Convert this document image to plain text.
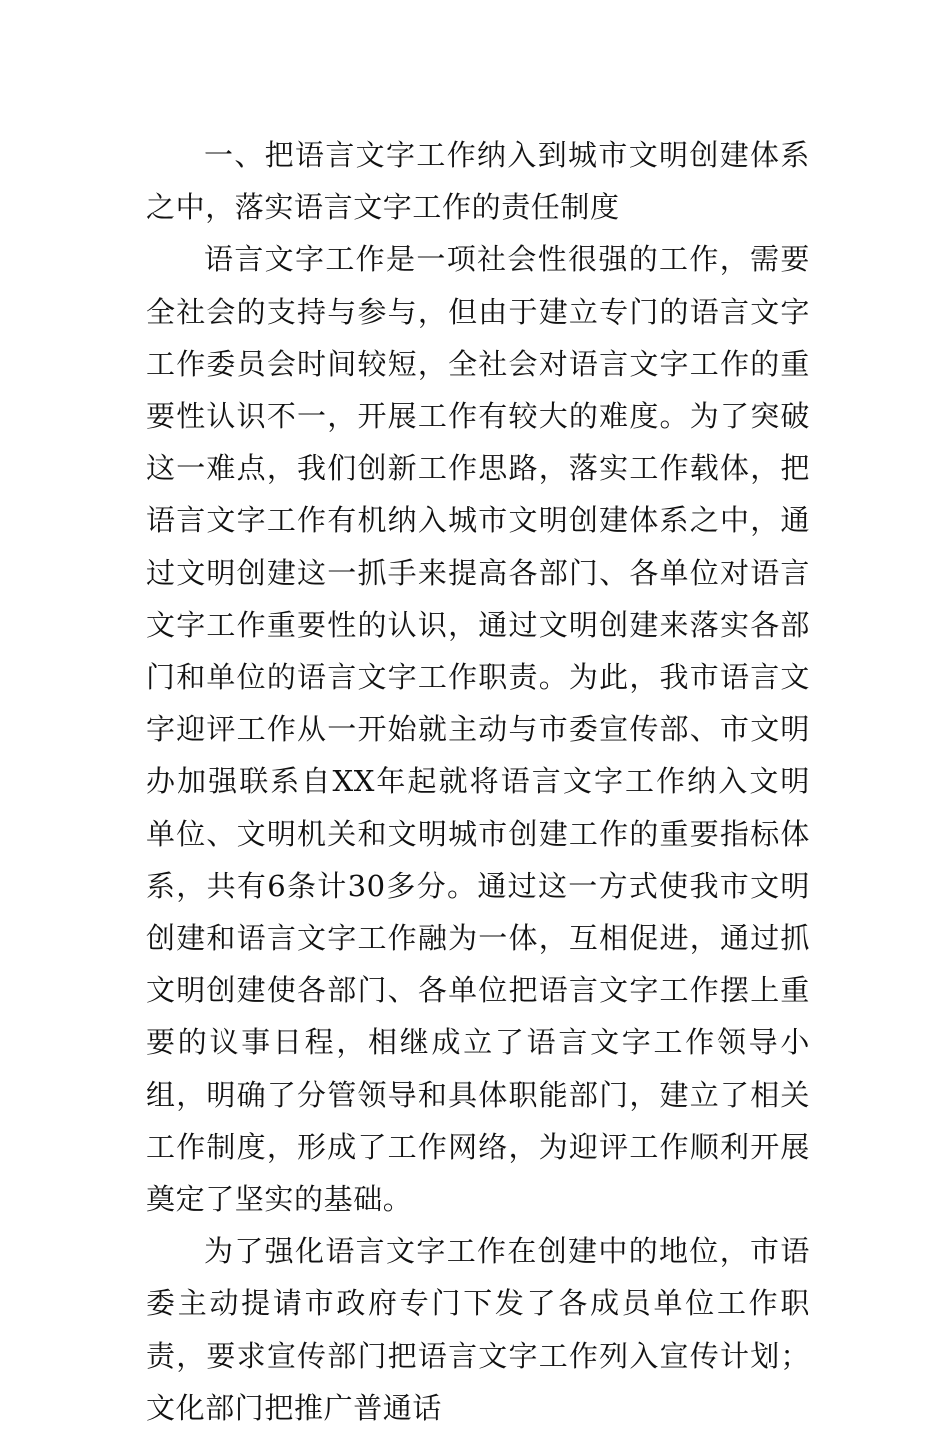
一、把语言文字工作纳入到城市文明创建体系之中，落实语言文字工作的责任制度

语言文字工作是一项社会性很强的工作，需要全社会的支持与参与，但由于建立专门的语言文字工作委员会时间较短，全社会对语言文字工作的重要性认识不一，开展工作有较大的难度。为了突破这一难点，我们创新工作思路，落实工作载体，把语言文字工作有机纳入城市文明创建体系之中，通过文明创建这一抓手来提高各部门、各单位对语言文字工作重要性的认识，通过文明创建来落实各部门和单位的语言文字工作职责。为此，我市语言文字迎评工作从一开始就主动与市委宣传部、市文明办加强联系自XX年起就将语言文字工作纳入文明单位、文明机关和文明城市创建工作的重要指标体系，共有6条计30多分。通过这一方式使我市文明创建和语言文字工作融为一体，互相促进，通过抓文明创建使各部门、各单位把语言文字工作摆上重要的议事日程，相继成立了语言文字工作领导小组，明确了分管领导和具体职能部门，建立了相关工作制度，形成了工作网络，为迎评工作顺利开展奠定了坚实的基础。

为了强化语言文字工作在创建中的地位，市语委主动提请市政府专门下发了各成员单位工作职责，要求宣传部门把语言文字工作列入宣传计划；文化部门把推广普通话
